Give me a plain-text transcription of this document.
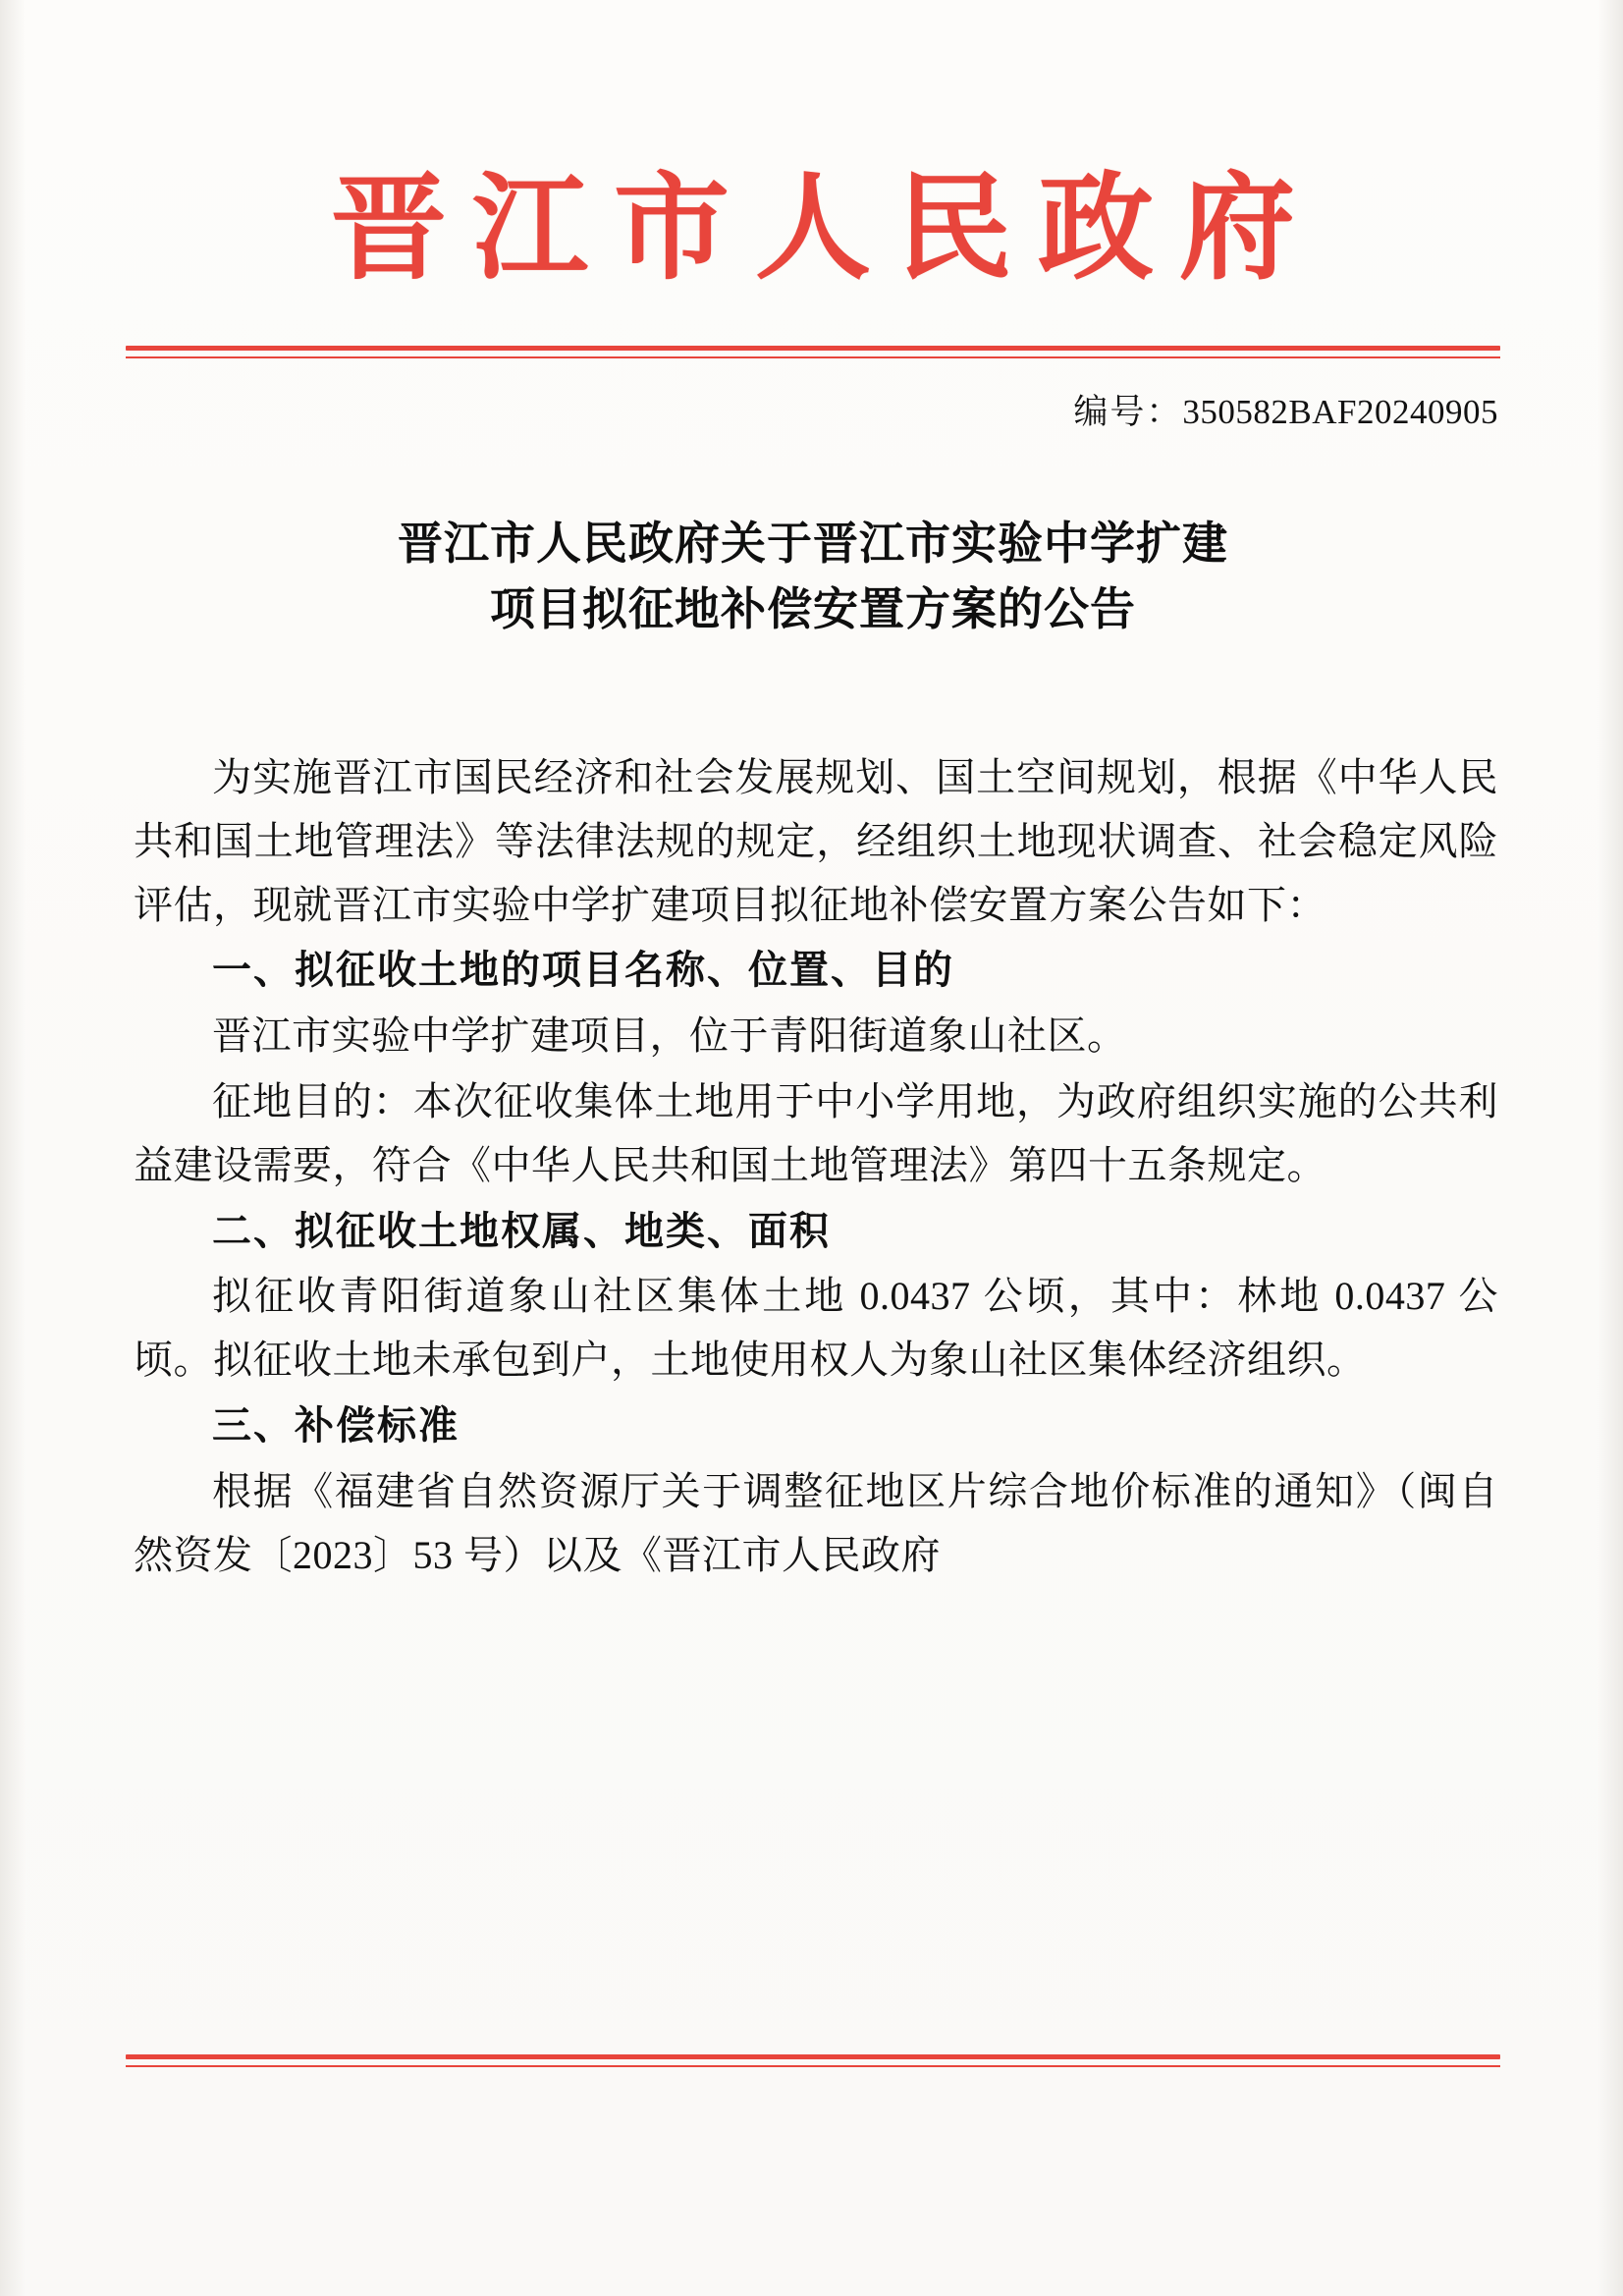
晋江市人民政府
编号：350582BAF20240905
晋江市人民政府关于晋江市实验中学扩建
项目拟征地补偿安置方案的公告

为实施晋江市国民经济和社会发展规划、国土空间规划，根据《中华人民共和国土地管理法》等法律法规的规定，经组织土地现状调查、社会稳定风险评估，现就晋江市实验中学扩建项目拟征地补偿安置方案公告如下：

一、拟征收土地的项目名称、位置、目的

晋江市实验中学扩建项目，位于青阳街道象山社区。

征地目的：本次征收集体土地用于中小学用地，为政府组织实施的公共利益建设需要，符合《中华人民共和国土地管理法》第四十五条规定。

二、拟征收土地权属、地类、面积

拟征收青阳街道象山社区集体土地 0.0437 公顷，其中：林地 0.0437 公顷。拟征收土地未承包到户，土地使用权人为象山社区集体经济组织。

三、补偿标准

根据《福建省自然资源厅关于调整征地区片综合地价标准的通知》（闽自然资发〔2023〕53 号）以及《晋江市人民政府
